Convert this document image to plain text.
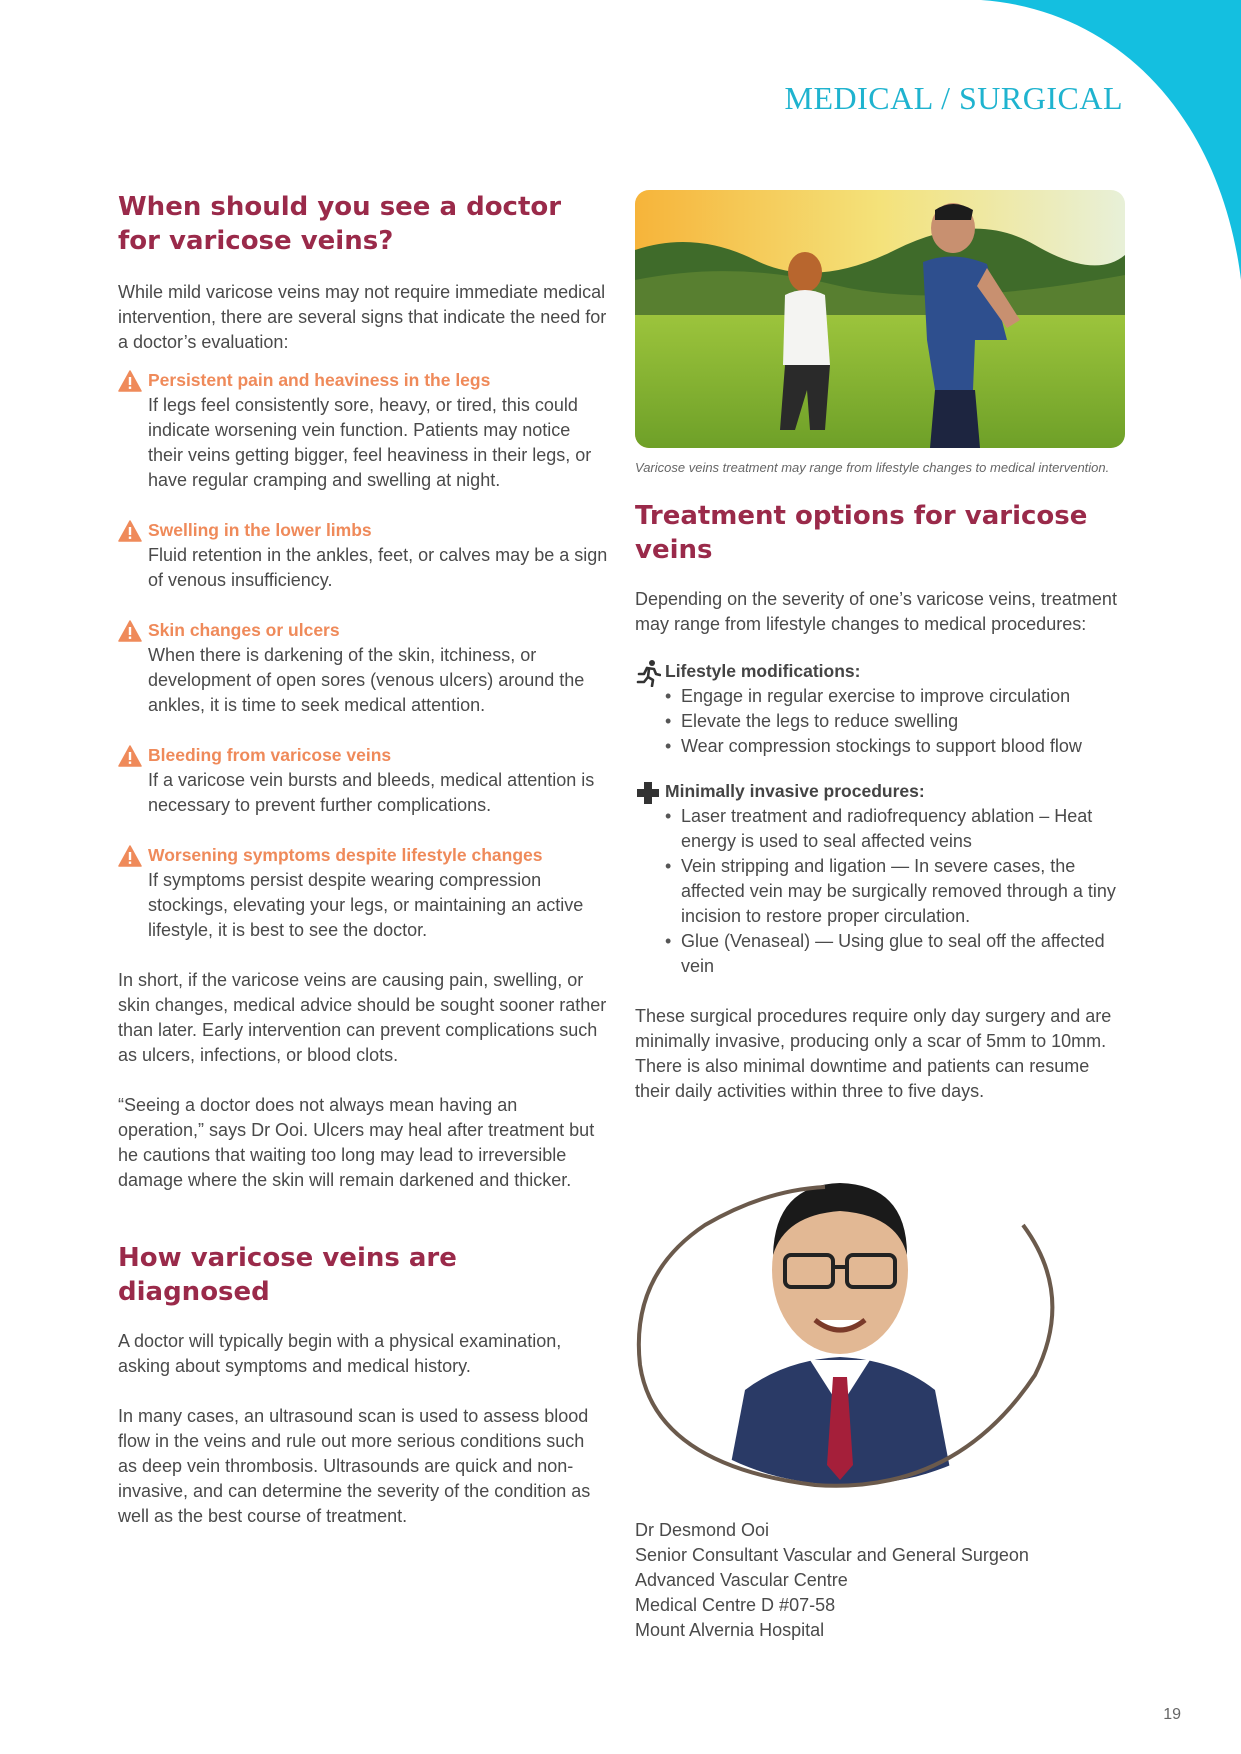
MEDICAL / SURGICAL
When should you see a doctor for varicose veins?

While mild varicose veins may not require immediate medical intervention, there are several signs that indicate the need for a doctor’s evaluation:

Persistent pain and heaviness in the legs

If legs feel consistently sore, heavy, or tired, this could indicate worsening vein function. Patients may notice their veins getting bigger, feel heaviness in their legs, or have regular cramping and swelling at night.

Swelling in the lower limbs

Fluid retention in the ankles, feet, or calves may be a sign of venous insufficiency.

Skin changes or ulcers

When there is darkening of the skin, itchiness, or development of open sores (venous ulcers) around the ankles, it is time to seek medical attention.

Bleeding from varicose veins

If a varicose vein bursts and bleeds, medical attention is necessary to prevent further complications.

Worsening symptoms despite lifestyle changes

If symptoms persist despite wearing compression stockings, elevating your legs, or maintaining an active lifestyle, it is best to see the doctor.

In short, if the varicose veins are causing pain, swelling, or skin changes, medical advice should be sought sooner rather than later. Early intervention can prevent complications such as ulcers, infections, or blood clots.

“Seeing a doctor does not always mean having an operation,” says Dr Ooi. Ulcers may heal after treatment but he cautions that waiting too long may lead to irreversible damage where the skin will remain darkened and thicker.

How varicose veins are diagnosed

A doctor will typically begin with a physical examination, asking about symptoms and medical history.

In many cases, an ultrasound scan is used to assess blood flow in the veins and rule out more serious conditions such as deep vein thrombosis. Ultrasounds are quick and non-invasive, and can determine the severity of the condition as well as the best course of treatment.

Varicose veins treatment may range from lifestyle changes to medical intervention.
Treatment options for varicose veins

Depending on the severity of one’s varicose veins, treatment may range from lifestyle changes to medical procedures:

Lifestyle modifications:
• Engage in regular exercise to improve circulation
• Elevate the legs to reduce swelling
• Wear compression stockings to support blood flow
Minimally invasive procedures:
• Laser treatment and radiofrequency ablation – Heat energy is used to seal affected veins
• Vein stripping and ligation — In severe cases, the affected vein may be surgically removed through a tiny incision to restore proper circulation.
• Glue (Venaseal) — Using glue to seal off the affected vein

These surgical procedures require only day surgery and are minimally invasive, producing only a scar of 5mm to 10mm. There is also minimal downtime and patients can resume their daily activities within three to five days.

Dr Desmond Ooi

Senior Consultant Vascular and General Surgeon

Advanced Vascular Centre

Medical Centre D #07-58

Mount Alvernia Hospital

19
